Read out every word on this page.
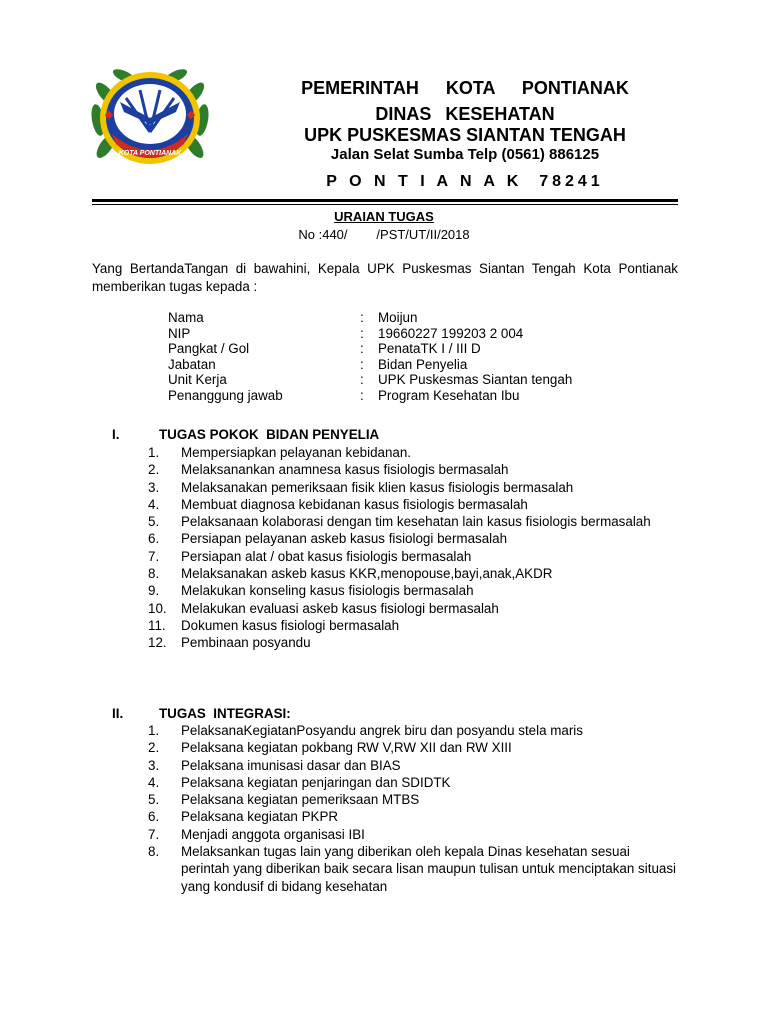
KOTA PONTIANAK
PEMERINTAH   KOTA   PONTIANAK
DINAS  KESEHATAN
UPK PUSKESMAS SIANTAN TENGAH
Jalan Selat Sumba Telp (0561) 886125
P O N T I A N A K  78241
URAIAN TUGAS
No :440/        /PST/UT/II/2018
Yang BertandaTangan di bawahini, Kepala UPK Puskesmas Siantan Tengah Kota Pontianak memberikan tugas kepada :
Nama	: Moijun
NIP	: 19660227 199203 2 004
Pangkat / Gol	: PenataTK I / III D
Jabatan	: Bidan Penyelia
Unit Kerja	: UPK Puskesmas Siantan tengah
Penanggung jawab	: Program Kesehatan Ibu
I.	TUGAS POKOK  BIDAN PENYELIA
1.	Mempersiapkan pelayanan kebidanan.
2.	Melaksanankan anamnesa kasus fisiologis bermasalah
3.	Melaksanakan pemeriksaan fisik klien kasus fisiologis bermasalah
4.	Membuat diagnosa kebidanan kasus fisiologis bermasalah
5.	Pelaksanaan kolaborasi dengan tim kesehatan lain kasus fisiologis bermasalah
6.	Persiapan pelayanan askeb kasus fisiologi bermasalah
7.	Persiapan alat / obat kasus fisiologis bermasalah
8.	Melaksanakan askeb kasus KKR,menopouse,bayi,anak,AKDR
9.	Melakukan konseling kasus fisiologis bermasalah
10.	Melakukan evaluasi askeb kasus fisiologi bermasalah
11.	Dokumen kasus fisiologi bermasalah
12.	Pembinaan posyandu
II.	TUGAS  INTEGRASI:
1.	PelaksanaKegiatanPosyandu angrek biru dan posyandu stela maris
2.	Pelaksana kegiatan pokbang RW V,RW XII dan RW XIII
3.	Pelaksana imunisasi dasar dan BIAS
4.	Pelaksana kegiatan penjaringan dan SDIDTK
5.	Pelaksana kegiatan pemeriksaan MTBS
6.	Pelaksana kegiatan PKPR
7.	Menjadi anggota organisasi IBI
8.	Melaksankan tugas lain yang diberikan oleh kepala Dinas kesehatan sesuai perintah yang diberikan baik secara lisan maupun tulisan untuk menciptakan situasi yang kondusif di bidang kesehatan
